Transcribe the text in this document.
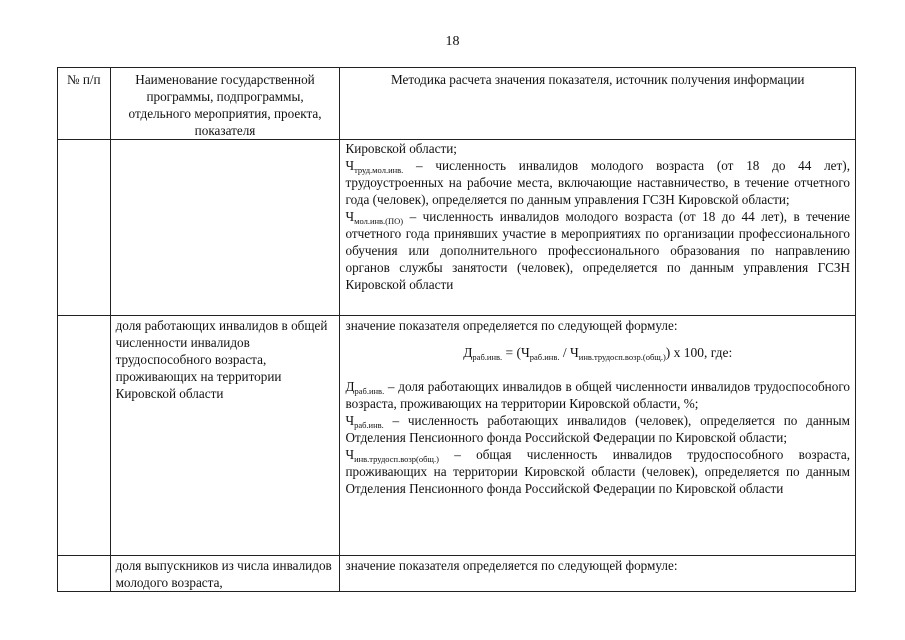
18
№ п/п	Наименование государственной программы, подпрограммы, отдельного мероприятия, проекта, показателя	Методика расчета значения показателя, источник получения информации

		Кировской области;

$Ч_{труд.мол.инв.}$ – численность инвалидов молодого возраста (от 18 до 44 лет), трудоустроенных на рабочие места, включающие наставничество, в течение отчетного года (человек), определяется по данным управления ГСЗН Кировской области;

$Ч_{мол.инв.(ПО)}$ – численность инвалидов молодого возраста (от 18 до 44 лет), в течение отчетного года принявших участие в мероприятиях по организации профессионального обучения или дополнительного профессионального образования по направлению органов службы занятости (человек), определяется по данным управления ГСЗН Кировской области

	доля работающих инвалидов в общей численности инвалидов трудоспособного возраста, проживающих на территории Кировской области	значение показателя определяется по следующей формуле:

$Д_{раб.инв.} = (Ч_{раб.инв.} / Ч_{инв.трудосп.возр.(общ.)})$ х 100, где:

$Д_{раб.инв.}$ – доля работающих инвалидов в общей численности инвалидов трудоспособного возраста, проживающих на территории Кировской области, %;

$Ч_{раб.инв.}$ – численность работающих инвалидов (человек), определяется по данным Отделения Пенсионного фонда Российской Федерации по Кировской области;

$Ч_{инв.трудосп.возр(общ.)}$ – общая численность инвалидов трудоспособного возраста, проживающих на территории Кировской области (человек), определяется по данным Отделения Пенсионного фонда Российской Федерации по Кировской области

	доля выпускников из числа инвалидов молодого возраста,	значение показателя определяется по следующей формуле:
